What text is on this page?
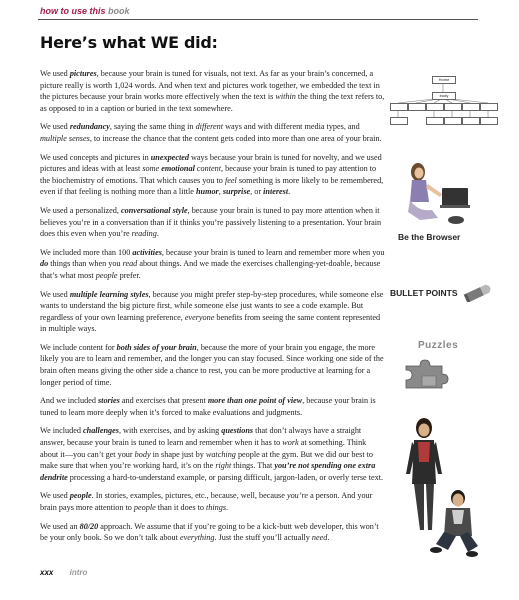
how to use this book
Here’s what WE did:
Home
body
Be the Browser
BULLET POINTS
Puzzles

We used pictures, because your brain is tuned for visuals, not text. As far as your brain’s concerned, a picture really is worth 1,024 words. And when text and pictures work together, we embedded the text in the pictures because your brain works more effectively when the text is within the thing the text refers to, as opposed to in a caption or buried in the text somewhere.

We used redundancy, saying the same thing in different ways and with different media types, and multiple senses, to increase the chance that the content gets coded into more than one area of your brain.

We used concepts and pictures in unexpected ways because your brain is tuned for novelty, and we used pictures and ideas with at least some emotional content, because your brain is tuned to pay attention to the biochemistry of emotions. That which causes you to feel something is more likely to be remembered, even if that feeling is nothing more than a little humor, surprise, or interest.

We used a personalized, conversational style, because your brain is tuned to pay more attention when it believes you’re in a conversation than if it thinks you’re passively listening to a presentation. Your brain does this even when you’re reading.

We included more than 100 activities, because your brain is tuned to learn and remember more when you do things than when you read about things. And we made the exercises challenging-yet-doable, because that’s what most people prefer.

We used multiple learning styles, because you might prefer step-by-step procedures, while someone else wants to understand the big picture first, while someone else just wants to see a code example. But regardless of your own learning preference, everyone benefits from seeing the same content represented in multiple ways.

We include content for both sides of your brain, because the more of your brain you engage, the more likely you are to learn and remember, and the longer you can stay focused. Since working one side of the brain often means giving the other side a chance to rest, you can be more productive at learning for a longer period of time.

And we included stories and exercises that present more than one point of view, because your brain is tuned to learn more deeply when it’s forced to make evaluations and judgments.

We included challenges, with exercises, and by asking questions that don’t always have a straight answer, because your brain is tuned to learn and remember when it has to work at something. Think about it—you can’t get your body in shape just by watching people at the gym. But we did our best to make sure that when you’re working hard, it’s on the right things. That you’re not spending one extra dendrite processing a hard-to-understand example, or parsing difficult, jargon-laden, or overly terse text.

We used people. In stories, examples, pictures, etc., because, well, because you’re a person. And your brain pays more attention to people than it does to things.

We used an 80/20 approach. We assume that if you’re going to be a kick-butt web developer, this won’t be your only book. So we don’t talk about everything. Just the stuff you’ll actually need.

xxx intro
